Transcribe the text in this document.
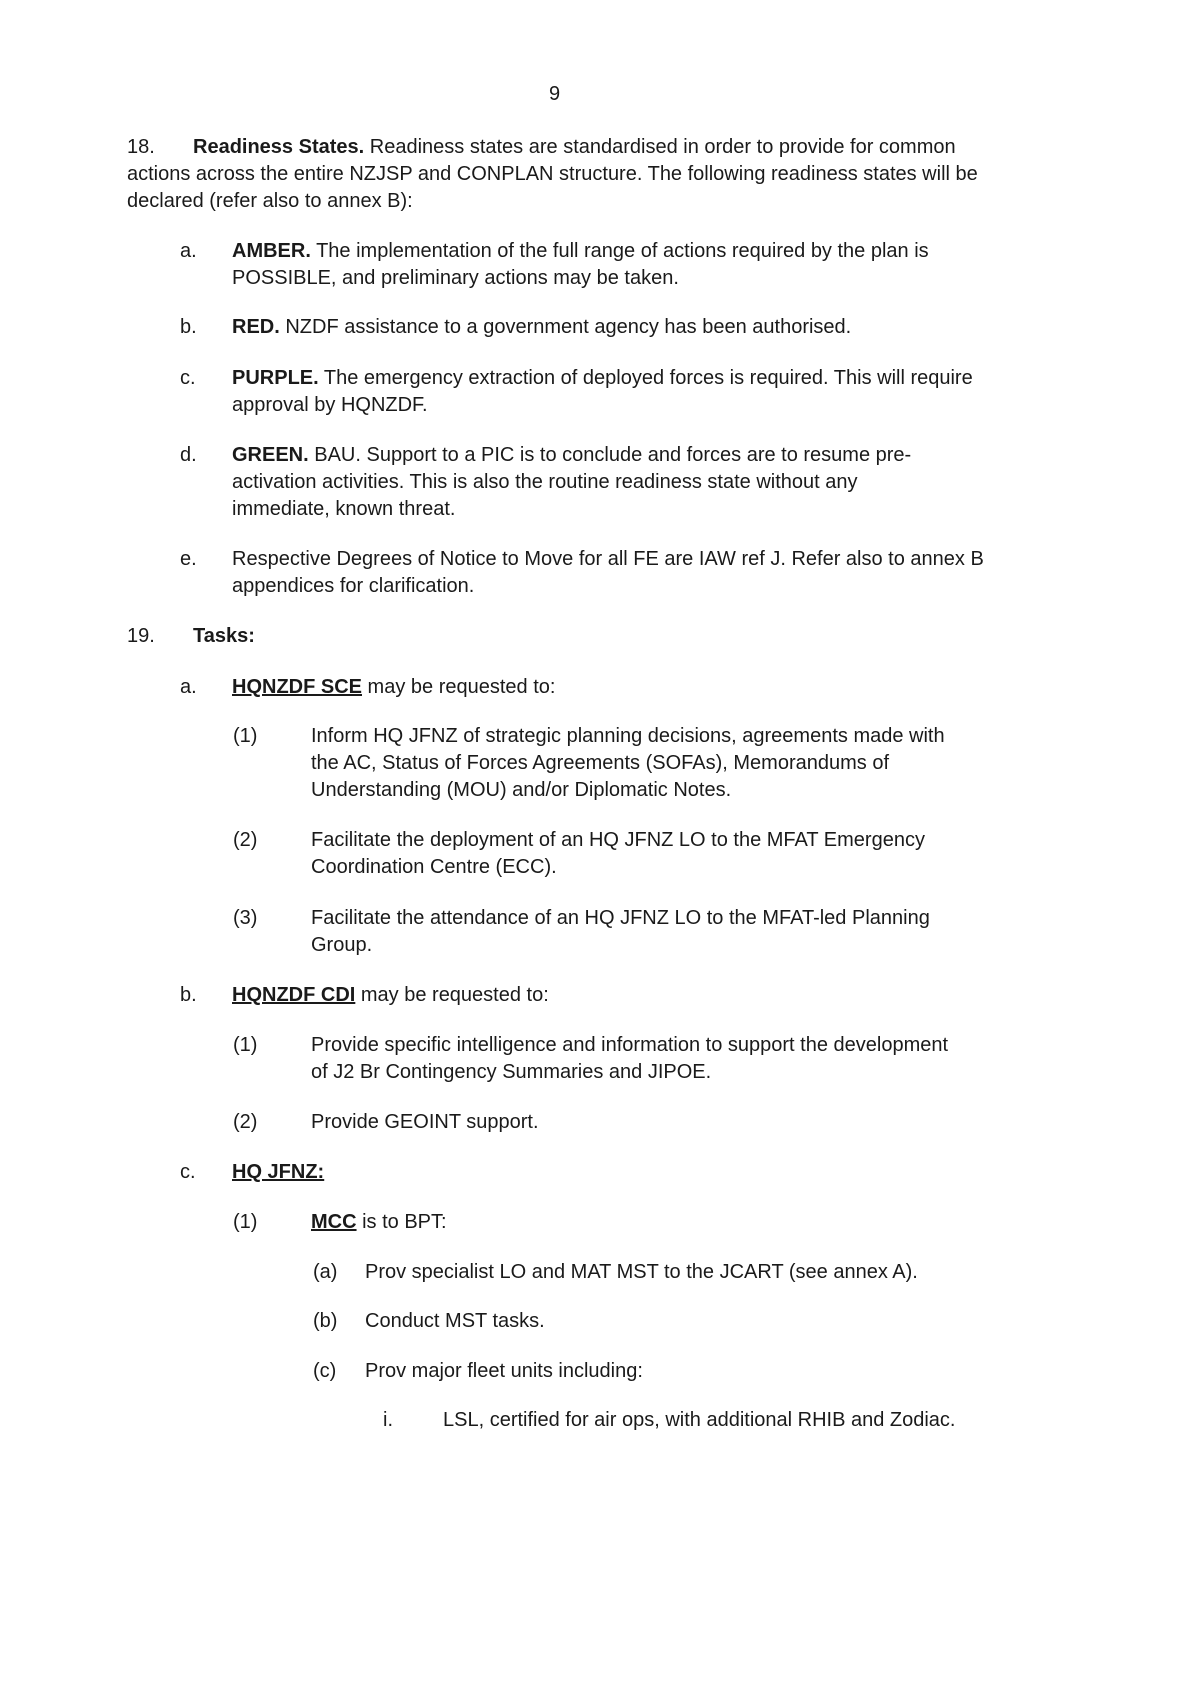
9
18. Readiness States. Readiness states are standardised in order to provide for common
actions across the entire NZJSP and CONPLAN structure. The following readiness states will be
declared (refer also to annex B):
a. AMBER. The implementation of the full range of actions required by the plan is
POSSIBLE, and preliminary actions may be taken.
b. RED. NZDF assistance to a government agency has been authorised.
c. PURPLE. The emergency extraction of deployed forces is required. This will require
approval by HQNZDF.
d. GREEN. BAU. Support to a PIC is to conclude and forces are to resume pre-
activation activities. This is also the routine readiness state without any
immediate, known threat.
e. Respective Degrees of Notice to Move for all FE are IAW ref J. Refer also to annex B
appendices for clarification.
19. Tasks:
a. HQNZDF SCE may be requested to:
(1)	Inform HQ JFNZ of strategic planning decisions, agreements made with
the AC, Status of Forces Agreements (SOFAs), Memorandums of
Understanding (MOU) and/or Diplomatic Notes.
(2)	Facilitate the deployment of an HQ JFNZ LO to the MFAT Emergency
Coordination Centre (ECC).
(3)	Facilitate the attendance of an HQ JFNZ LO to the MFAT-led Planning
Group.
b. HQNZDF CDI may be requested to:
(1)	Provide specific intelligence and information to support the development
of J2 Br Contingency Summaries and JIPOE.
(2)	Provide GEOINT support.
c. HQ JFNZ:
(1)	MCC is to BPT:
(a) Prov specialist LO and MAT MST to the JCART (see annex A).
(b) Conduct MST tasks.
(c) Prov major fleet units including:
i.	LSL, certified for air ops, with additional RHIB and Zodiac.
